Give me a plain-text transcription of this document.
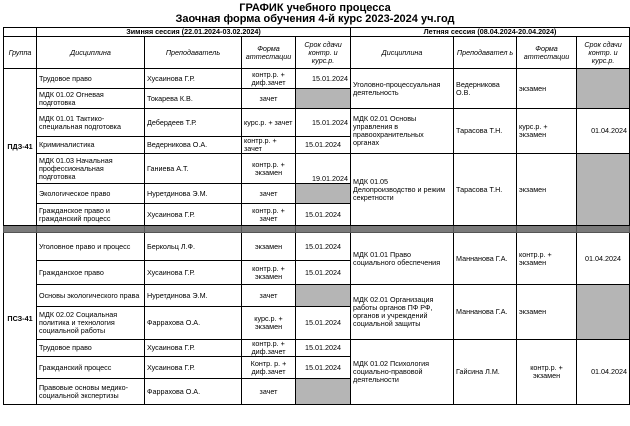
ГРАФИК учебного процесса
Заочная форма обучения 4-й курс 2023-2024 уч.год
	Зимняя сессия (22.01.2024-03.02.2024)				Летняя сессия (08.04.2024-20.04.2024)			
Группа	Дисциплина	Преподаватель	Форма аттестации	Срок сдачи контр. и курс.р.	Дисциплина	Преподавател ь	Форма аттестации	Срок сдачи контр. и курс.р.
ПДЗ-41	Трудовое право	Хусаинова Г.Р.	контр.р. + диф.зачет	15.01.2024	Уголовно-процессуальная деятельность	Ведерникова О.В.	экзамен	
	МДК 01.02 Огневая подготовка	Токарева К.В.	зачет					
	МДК 01.01 Тактико-специальная подготовка	Дебердеев Т.Р.	курс.р. + зачет	15.01.2024	МДК 02.01 Основы управления в правоохранительных органах	Тарасова Т.Н.	курс.р. + экзамен	01.04.2024
	Криминалистика	Ведерникова О.А.	контр.р. + зачет	15.01.2024				
	МДК 01.03 Начальная профессиональная подготовка	Ганиева А.Т.	контр.р. + экзамен	19.01.2024	МДК 01.05 Делопроизводство и режим секретности	Тарасова Т.Н.	экзамен	
	Экологическое право	Нуретдинова Э.М.	зачет					
	Гражданское право и гражданский процесс	Хусаинова Г.Р.	контр.р. + зачет	15.01.2024				

ПСЗ-41	Уголовное право и процесс	Беркольц Л.Ф.	экзамен	15.01.2024	МДК 01.01 Право социального обеспечения	Маннанова Г.А.	контр.р. + экзамен	01.04.2024
	Гражданское право	Хусаинова Г.Р.	контр.р. + экзамен	15.01.2024				
	Основы экологического права	Нуретдинова Э.М.	зачет		МДК 02.01 Организация работы органов ПФ РФ, органов и учреждений социальной защиты	Маннанова Г.А.	экзамен	
	МДК 02.02 Социальная политика и технология социальной работы	Фаррахова О.А.	курс.р. + экзамен	15.01.2024				
	Трудовое право	Хусаинова Г.Р.	контр.р. + диф.зачет	15.01.2024	МДК 01.02 Психология социально-правовой деятельности	Гайсина Л.М.	контр.р. + экзамен	01.04.2024
	Гражданский процесс	Хусаинова Г.Р.	Контр. р. + диф.зачет	15.01.2024				
	Правовые основы медико-социальной экспертизы	Фаррахова О.А.	зачет					
